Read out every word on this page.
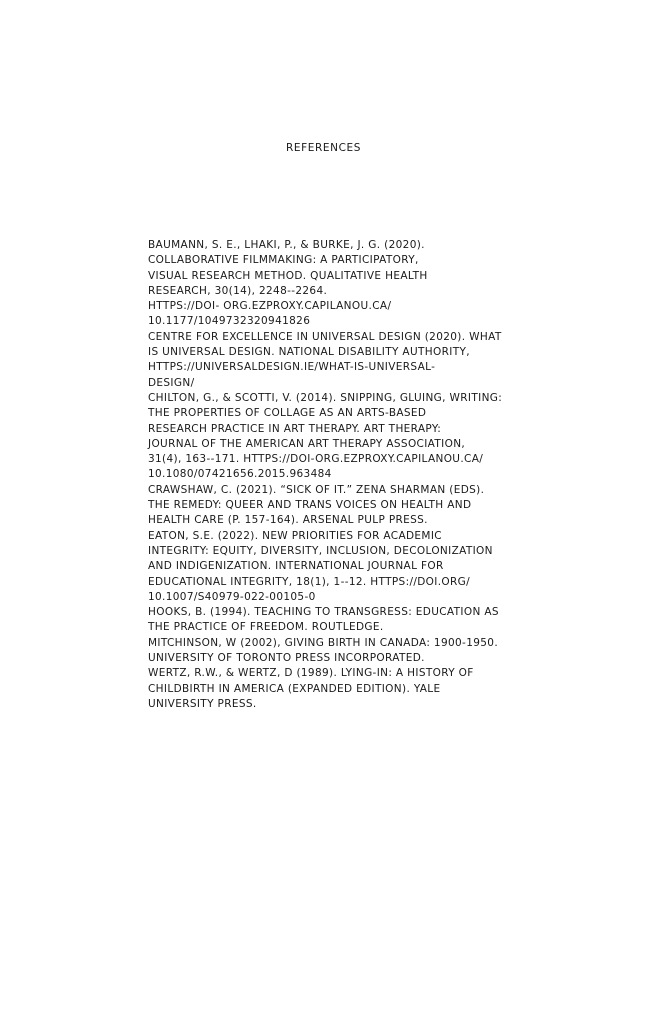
REFERENCES
BAUMANN, S. E., LHAKI, P., & BURKE, J. G. (2020).
COLLABORATIVE FILMMAKING: A PARTICIPATORY,
VISUAL RESEARCH METHOD. QUALITATIVE HEALTH
RESEARCH, 30(14), 2248--2264.
HTTPS://DOI- ORG.EZPROXY.CAPILANOU.CA/
10.1177/1049732320941826
CENTRE FOR EXCELLENCE IN UNIVERSAL DESIGN (2020). WHAT
IS UNIVERSAL DESIGN. NATIONAL DISABILITY AUTHORITY,
HTTPS://UNIVERSALDESIGN.IE/WHAT-IS-UNIVERSAL-
DESIGN/
CHILTON, G., & SCOTTI, V. (2014). SNIPPING, GLUING, WRITING:
THE PROPERTIES OF COLLAGE AS AN ARTS-BASED
RESEARCH PRACTICE IN ART THERAPY. ART THERAPY:
JOURNAL OF THE AMERICAN ART THERAPY ASSOCIATION,
31(4), 163--171. HTTPS://DOI-ORG.EZPROXY.CAPILANOU.CA/
10.1080/07421656.2015.963484
CRAWSHAW, C. (2021). “SICK OF IT.” ZENA SHARMAN (EDS).
THE REMEDY: QUEER AND TRANS VOICES ON HEALTH AND
HEALTH CARE (P. 157-164). ARSENAL PULP PRESS.
EATON, S.E. (2022). NEW PRIORITIES FOR ACADEMIC
INTEGRITY: EQUITY, DIVERSITY, INCLUSION, DECOLONIZATION
AND INDIGENIZATION. INTERNATIONAL JOURNAL FOR
EDUCATIONAL INTEGRITY, 18(1), 1--12. HTTPS://DOI.ORG/
10.1007/S40979-022-00105-0
HOOKS, B. (1994). TEACHING TO TRANSGRESS: EDUCATION AS
THE PRACTICE OF FREEDOM. ROUTLEDGE.
MITCHINSON, W (2002), GIVING BIRTH IN CANADA: 1900-1950.
UNIVERSITY OF TORONTO PRESS INCORPORATED.
WERTZ, R.W., & WERTZ, D (1989). LYING-IN: A HISTORY OF
CHILDBIRTH IN AMERICA (EXPANDED EDITION). YALE
UNIVERSITY PRESS.
